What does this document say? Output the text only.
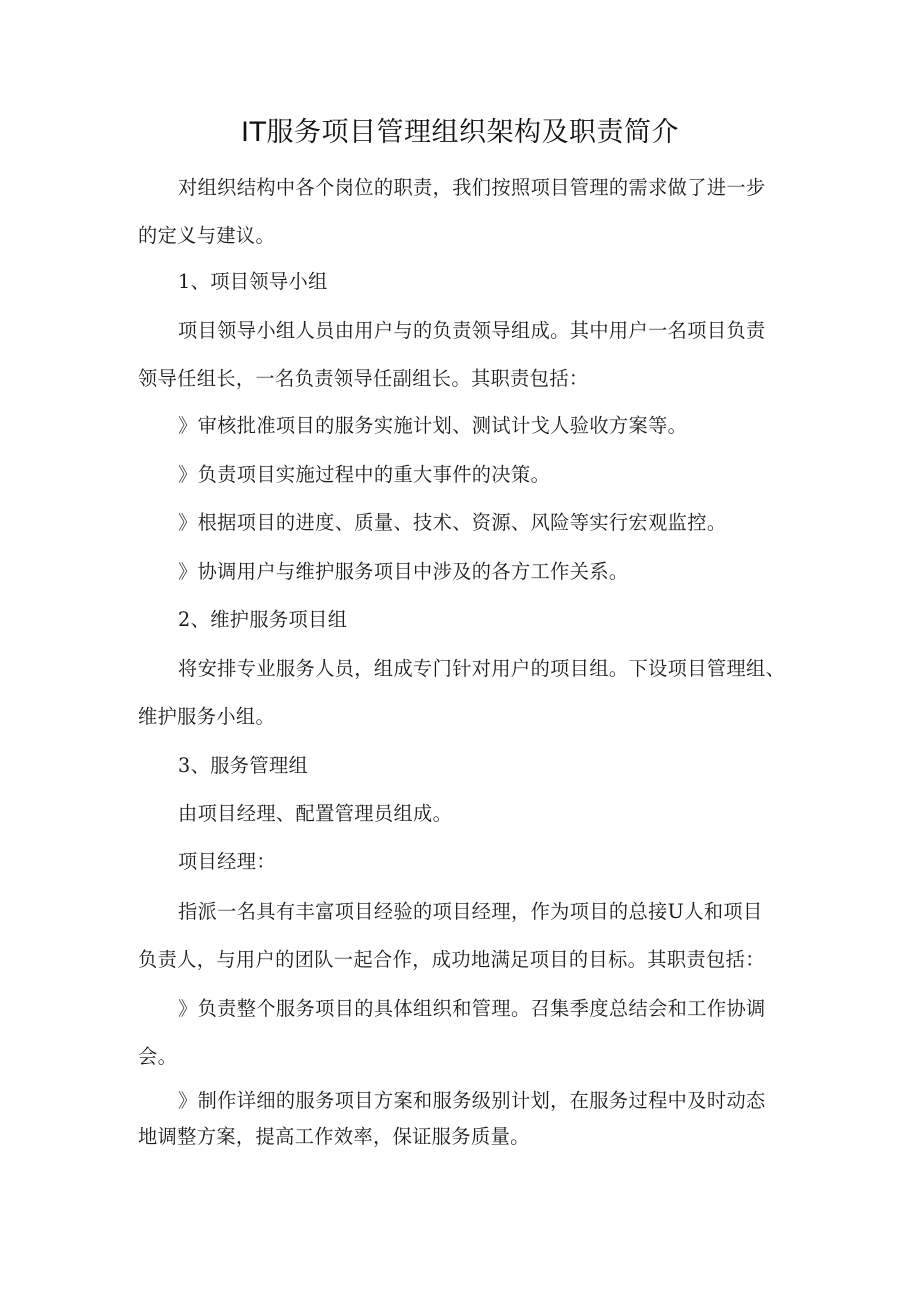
IT服务项目管理组织架构及职责简介

对组织结构中各个岗位的职责，我们按照项目管理的需求做了进一步
的定义与建议。

1、项目领导小组

项目领导小组人员由用户与的负责领导组成。其中用户一名项目负责
领导任组长，一名负责领导任副组长。其职责包括：

》审核批准项目的服务实施计划、测试计戈人验收方案等。

》负责项目实施过程中的重大事件的决策。

》根据项目的进度、质量、技术、资源、风险等实行宏观监控。

》协调用户与维护服务项目中涉及的各方工作关系。

2、维护服务项目组

将安排专业服务人员，组成专门针对用户的项目组。下设项目管理组、
维护服务小组。

3、服务管理组

由项目经理、配置管理员组成。

项目经理：

指派一名具有丰富项目经验的项目经理，作为项目的总接U人和项目
负责人，与用户的团队一起合作，成功地满足项目的目标。其职责包括：

》负责整个服务项目的具体组织和管理。召集季度总结会和工作协调
会。

》制作详细的服务项目方案和服务级别计划，在服务过程中及时动态
地调整方案，提高工作效率，保证服务质量。
